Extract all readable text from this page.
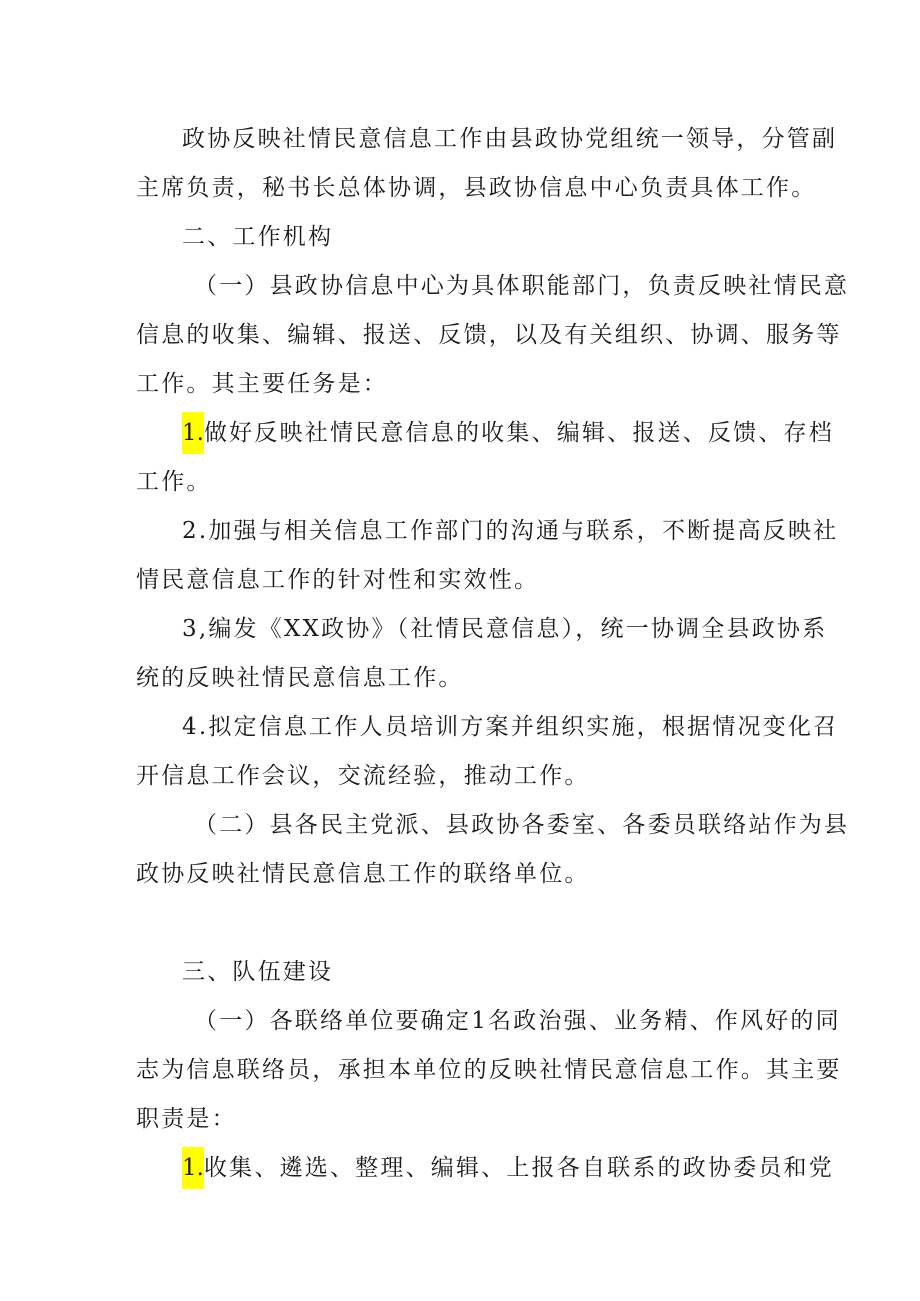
政协反映社情民意信息工作由县政协党组统一领导，分管副
主席负责，秘书长总体协调，县政协信息中心负责具体工作。
二、工作机构
（一）县政协信息中心为具体职能部门，负责反映社情民意
信息的收集、编辑、报送、反馈，以及有关组织、协调、服务等
工作。其主要任务是：
1.做好反映社情民意信息的收集、编辑、报送、反馈、存档
工作。
2.加强与相关信息工作部门的沟通与联系，不断提高反映社
情民意信息工作的针对性和实效性。
3,编发《XX政协》（社情民意信息），统一协调全县政协系
统的反映社情民意信息工作。
4.拟定信息工作人员培训方案并组织实施，根据情况变化召
开信息工作会议，交流经验，推动工作。
（二）县各民主党派、县政协各委室、各委员联络站作为县
政协反映社情民意信息工作的联络单位。
三、队伍建设
（一）各联络单位要确定1名政治强、业务精、作风好的同
志为信息联络员，承担本单位的反映社情民意信息工作。其主要
职责是：
1.收集、遴选、整理、编辑、上报各自联系的政协委员和党
